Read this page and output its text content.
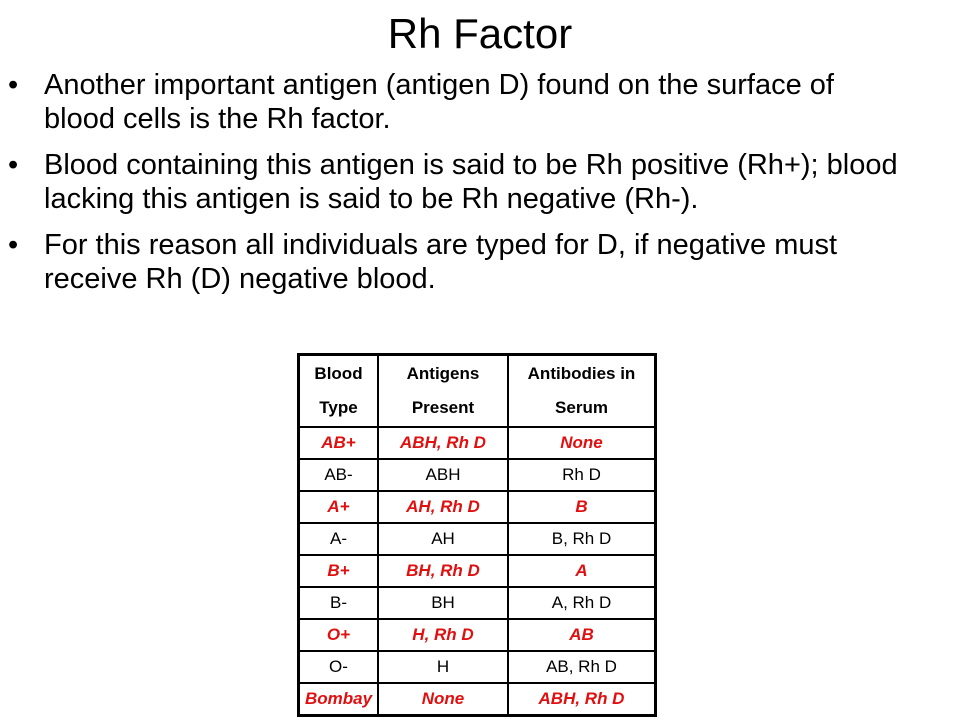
Rh Factor
• Another important antigen (antigen D) found on the surface of blood cells is the Rh factor.
• Blood containing this antigen is said to be Rh positive (Rh+); blood lacking this antigen is said to be Rh negative (Rh-).
• For this reason all individuals are typed for D, if negative must receive Rh (D) negative blood.
Blood Type	Antigens Present	Antibodies in Serum
AB+	ABH, Rh D	None
AB-	ABH	Rh D
A+	AH, Rh D	B
A-	AH	B, Rh D
B+	BH, Rh D	A
B-	BH	A, Rh D
O+	H, Rh D	AB
O-	H	AB, Rh D
Bombay	None	ABH, Rh D
